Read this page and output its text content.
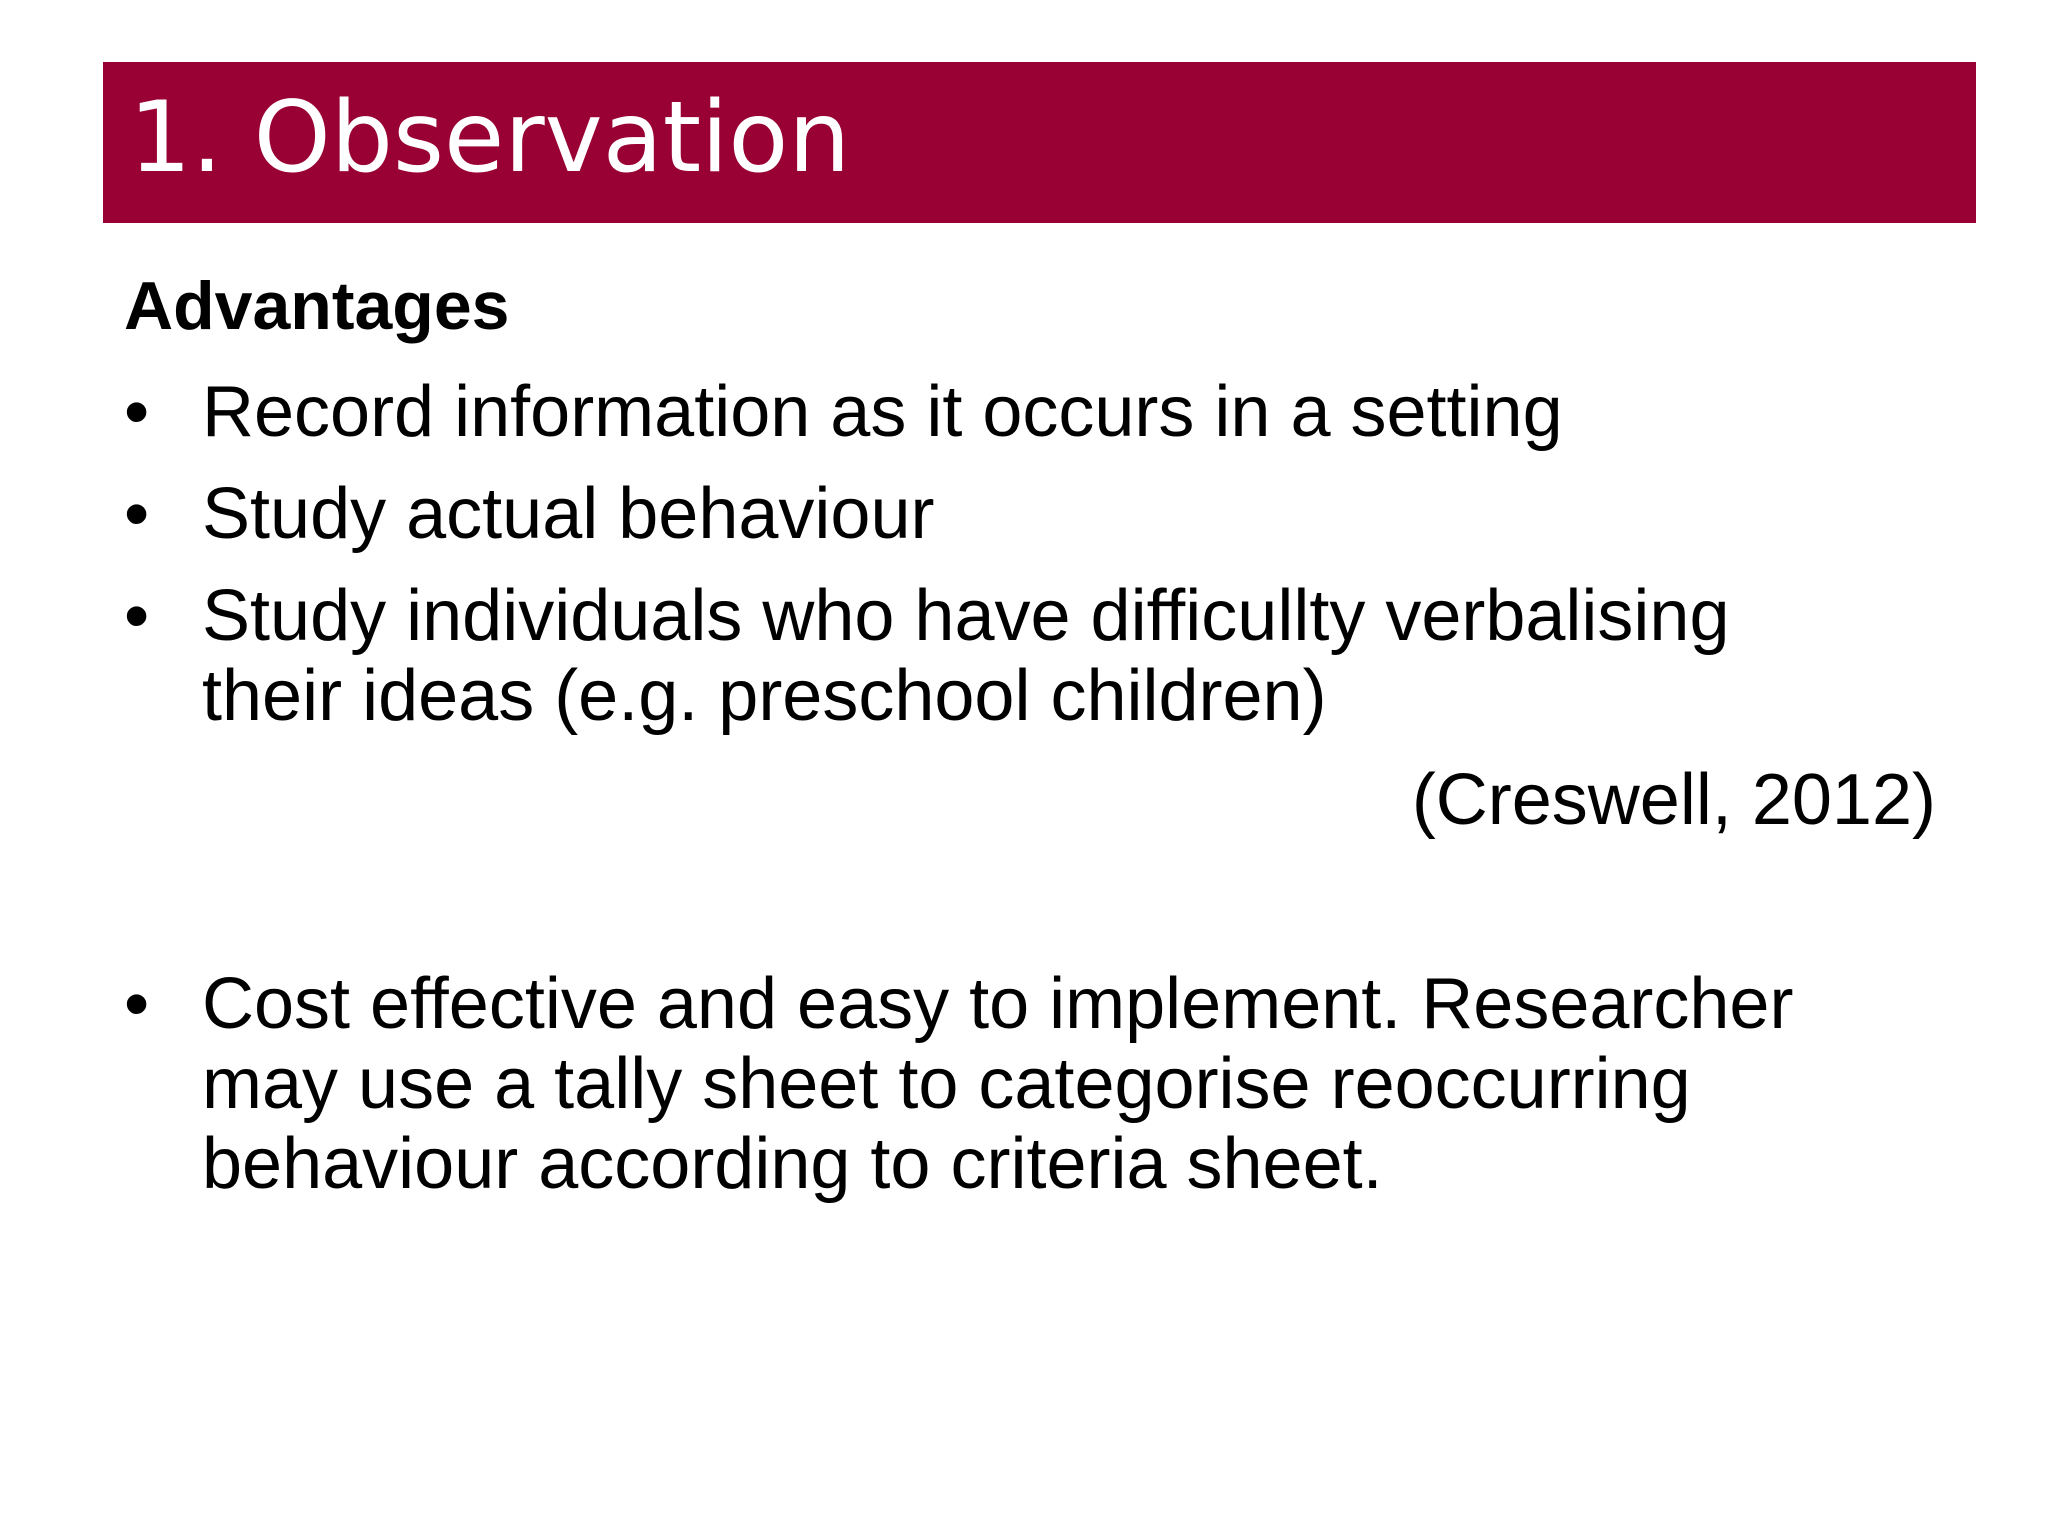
1. Observation
Advantages
• Record information as it occurs in a setting
• Study actual behaviour
• Study individuals who have difficullty verbalising
their ideas (e.g. preschool children)
(Creswell, 2012)
• Cost effective and easy to implement. Researcher
may use a tally sheet to categorise reoccurring
behaviour according to criteria sheet.
